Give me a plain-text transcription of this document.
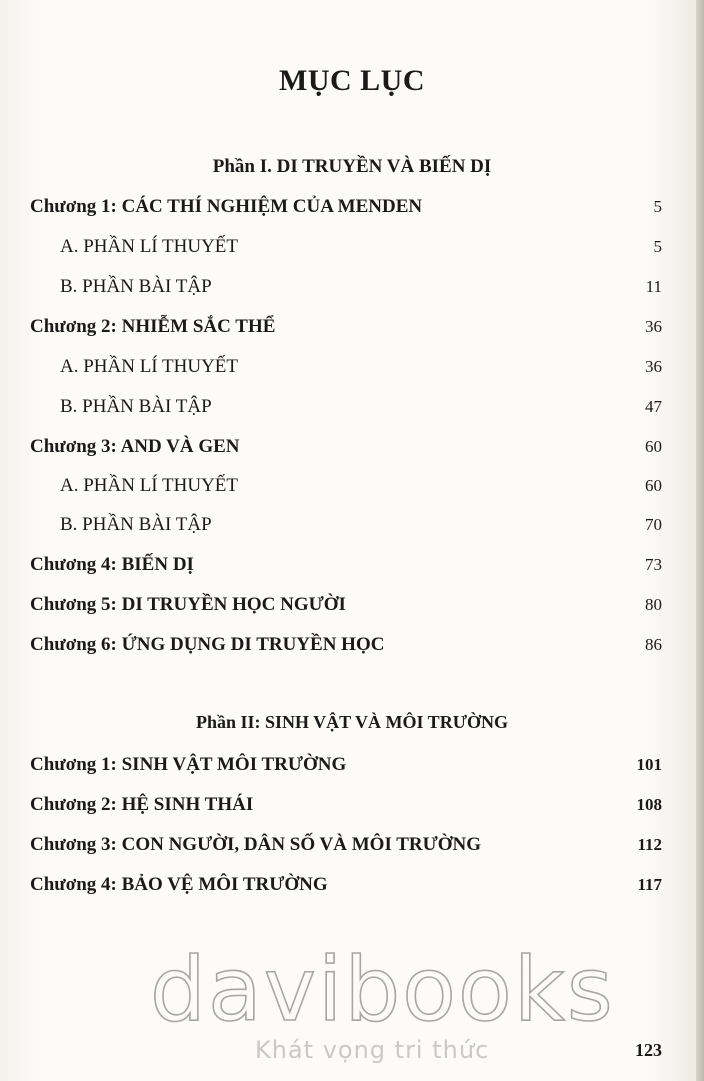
MỤC LỤC
Phần I. DI TRUYỀN VÀ BIẾN DỊ
Chương 1: CÁC THÍ NGHIỆM CỦA MENDEN	5
A. PHẦN LÍ THUYẾT	5
B. PHẦN BÀI TẬP	11
Chương 2: NHIỄM SẮC THỂ	36
A. PHẦN LÍ THUYẾT	36
B. PHẦN BÀI TẬP	47
Chương 3: AND VÀ GEN	60
A. PHẦN LÍ THUYẾT	60
B. PHẦN BÀI TẬP	70
Chương 4: BIẾN DỊ	73
Chương 5: DI TRUYỀN HỌC NGƯỜI	80
Chương 6: ỨNG DỤNG DI TRUYỀN HỌC	86
Phần II: SINH VẬT VÀ MÔI TRƯỜNG
Chương 1: SINH VẬT MÔI TRƯỜNG	101
Chương 2: HỆ SINH THÁI	108
Chương 3: CON NGƯỜI, DÂN SỐ VÀ MÔI TRƯỜNG	112
Chương 4: BẢO VỆ MÔI TRƯỜNG	117
davibooks
Khát vọng tri thức	123
